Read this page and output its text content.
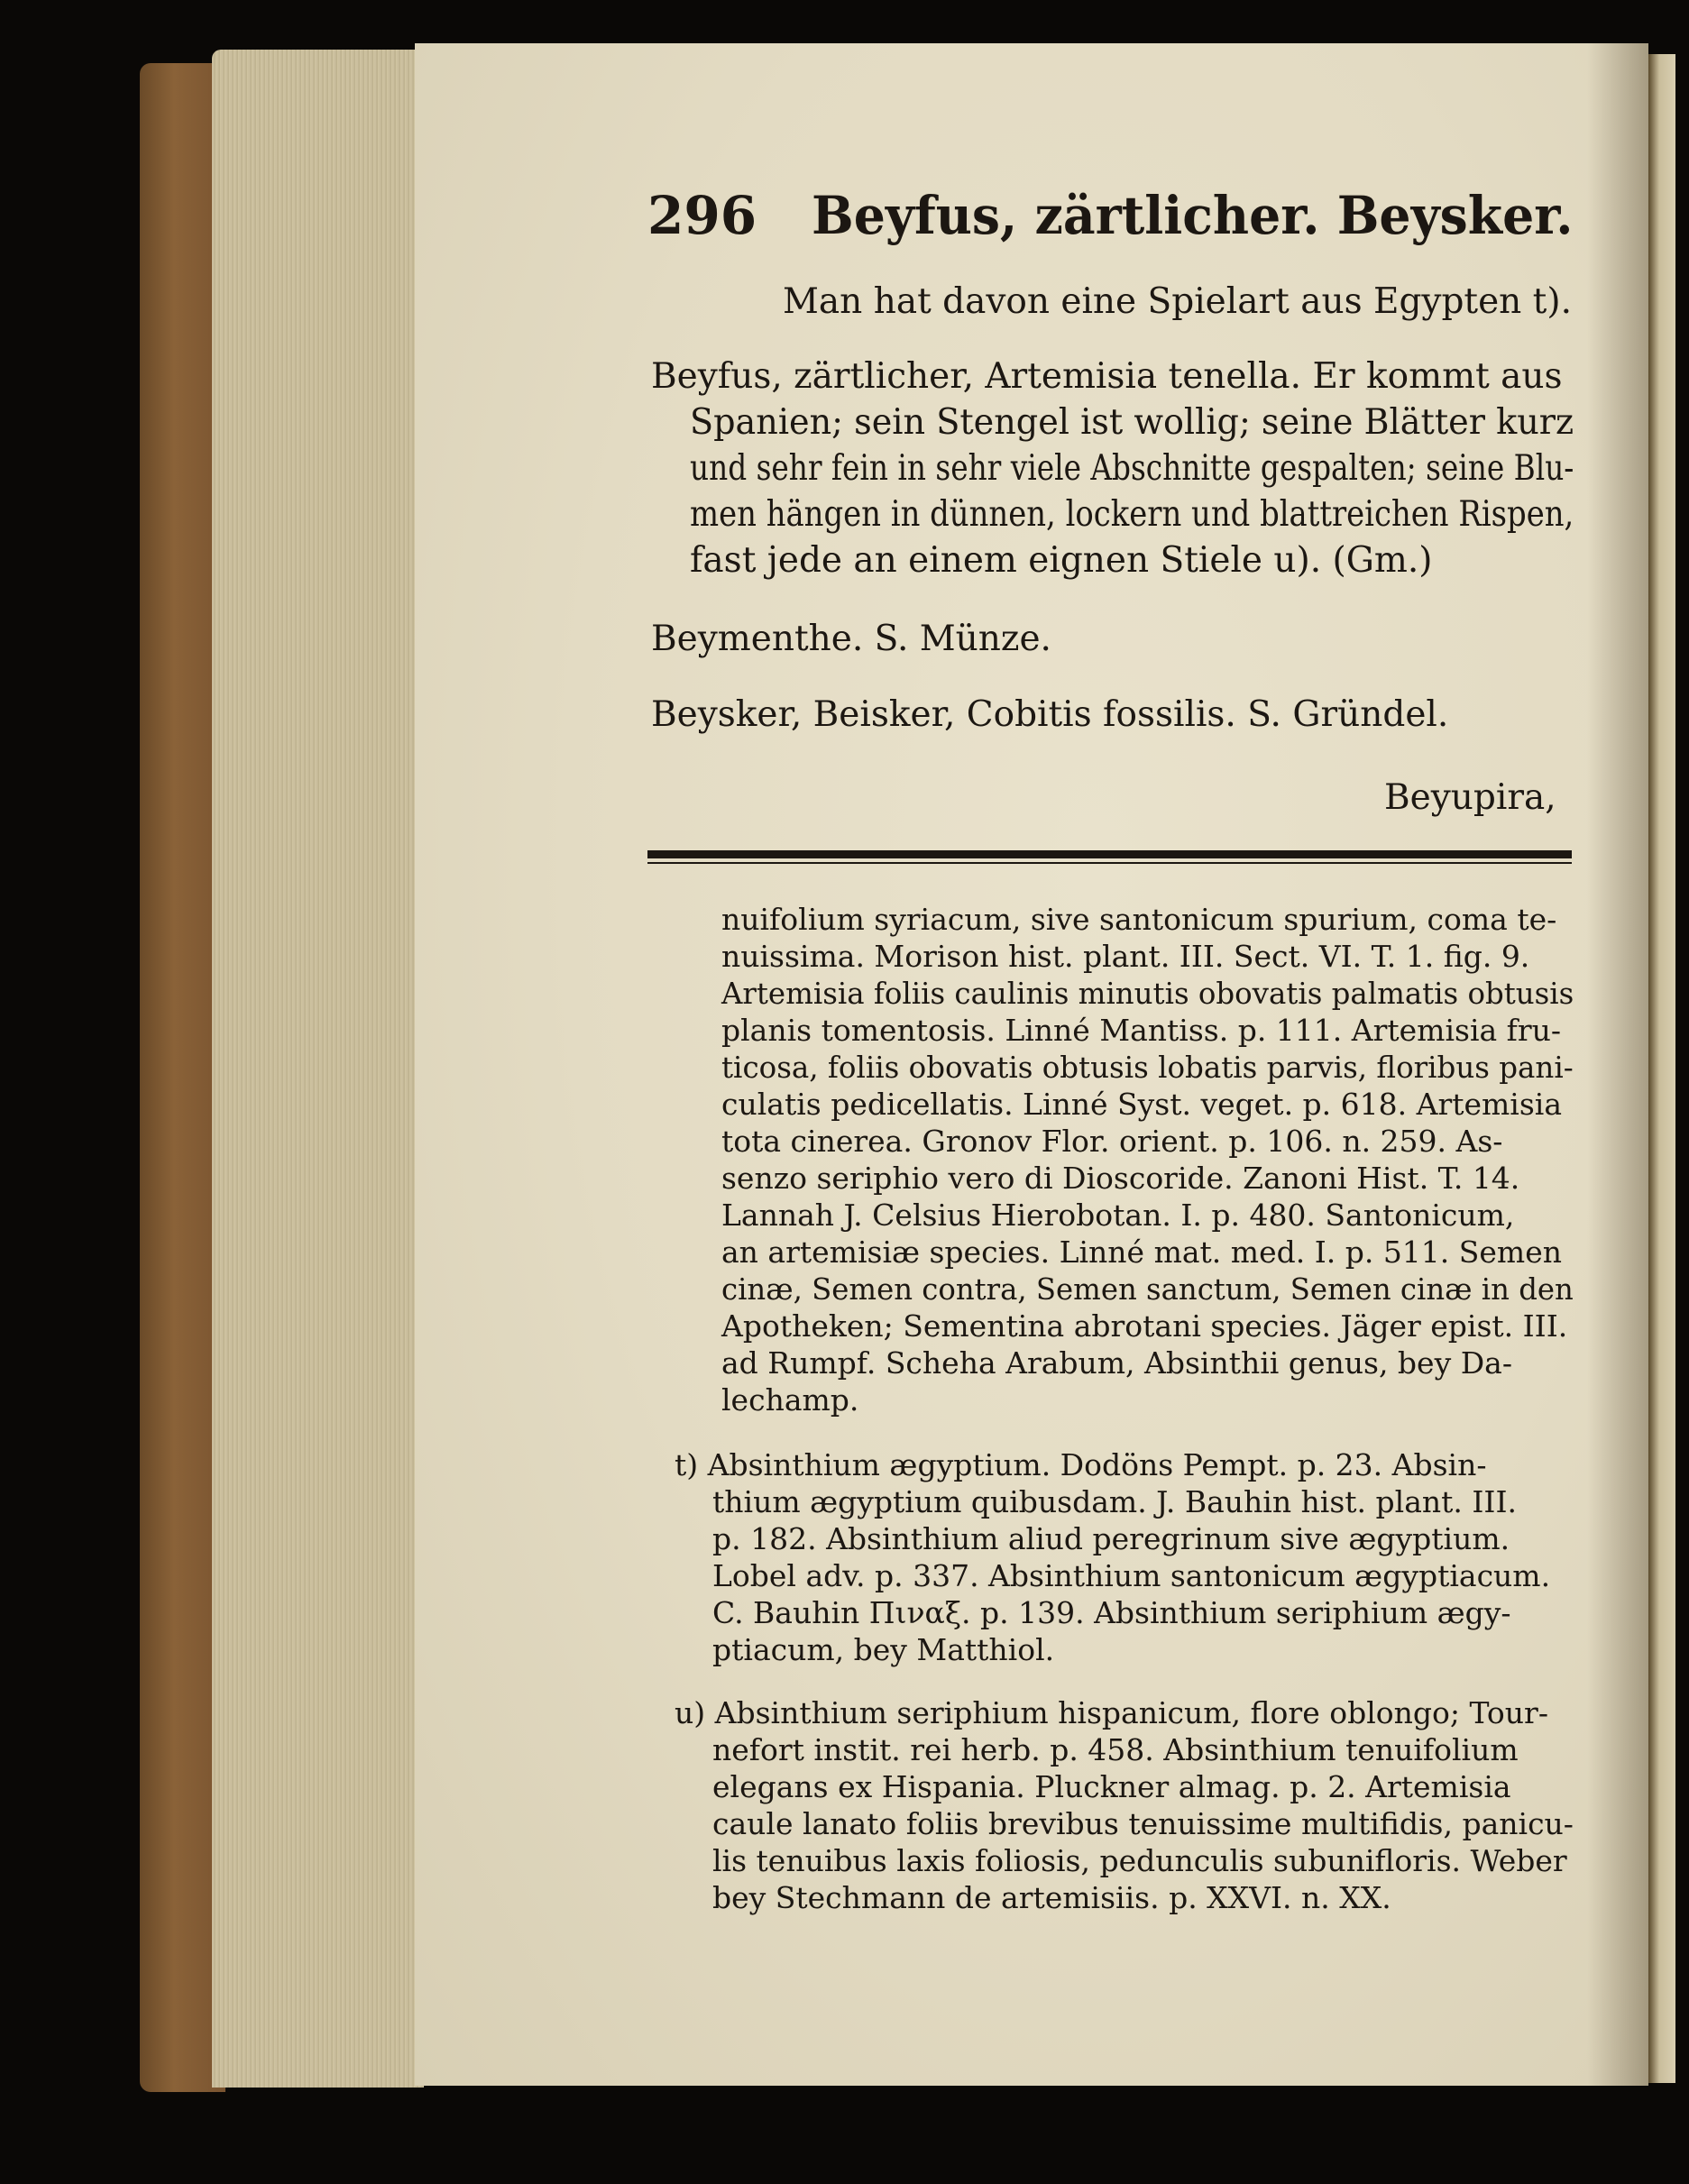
296 Beyfus, zärtlicher. Beysker.
Man hat davon eine Spielart aus Egypten t).
Beyfus, zärtlicher, Artemisia tenella. Er kommt aus
Spanien; sein Stengel ist wollig; seine Blätter kurz
und sehr fein in sehr viele Abschnitte gespalten; seine Blu-
men hängen in dünnen, lockern und blattreichen Rispen,
fast jede an einem eignen Stiele u). (Gm.)
Beymenthe. S. Münze.
Beysker, Beisker, Cobitis fossilis. S. Gründel.
Beyupira,
nuifolium syriacum, sive santonicum spurium, coma te-
nuissima. Morison hist. plant. III. Sect. VI. T. 1. fig. 9.
Artemisia foliis caulinis minutis obovatis palmatis obtusis
planis tomentosis. Linné Mantiss. p. 111. Artemisia fru-
ticosa, foliis obovatis obtusis lobatis parvis, floribus pani-
culatis pedicellatis. Linné Syst. veget. p. 618. Artemisia
tota cinerea. Gronov Flor. orient. p. 106. n. 259. As-
senzo seriphio vero di Dioscoride. Zanoni Hist. T. 14.
Lannah J. Celsius Hierobotan. I. p. 480. Santonicum,
an artemisiæ species. Linné mat. med. I. p. 511. Semen
cinæ, Semen contra, Semen sanctum, Semen cinæ in den
Apotheken; Sementina abrotani species. Jäger epist. III.
ad Rumpf. Scheha Arabum, Absinthii genus, bey Da-
lechamp.
t) Absinthium ægyptium. Dodöns Pempt. p. 23. Absin-
thium ægyptium quibusdam. J. Bauhin hist. plant. III.
p. 182. Absinthium aliud peregrinum sive ægyptium.
Lobel adv. p. 337. Absinthium santonicum ægyptiacum.
C. Bauhin Πιναξ. p. 139. Absinthium seriphium ægy-
ptiacum, bey Matthiol.
u) Absinthium seriphium hispanicum, flore oblongo; Tour-
nefort instit. rei herb. p. 458. Absinthium tenuifolium
elegans ex Hispania. Pluckner almag. p. 2. Artemisia
caule lanato foliis brevibus tenuissime multifidis, panicu-
lis tenuibus laxis foliosis, pedunculis subunifloris. Weber
bey Stechmann de artemisiis. p. XXVI. n. XX.
